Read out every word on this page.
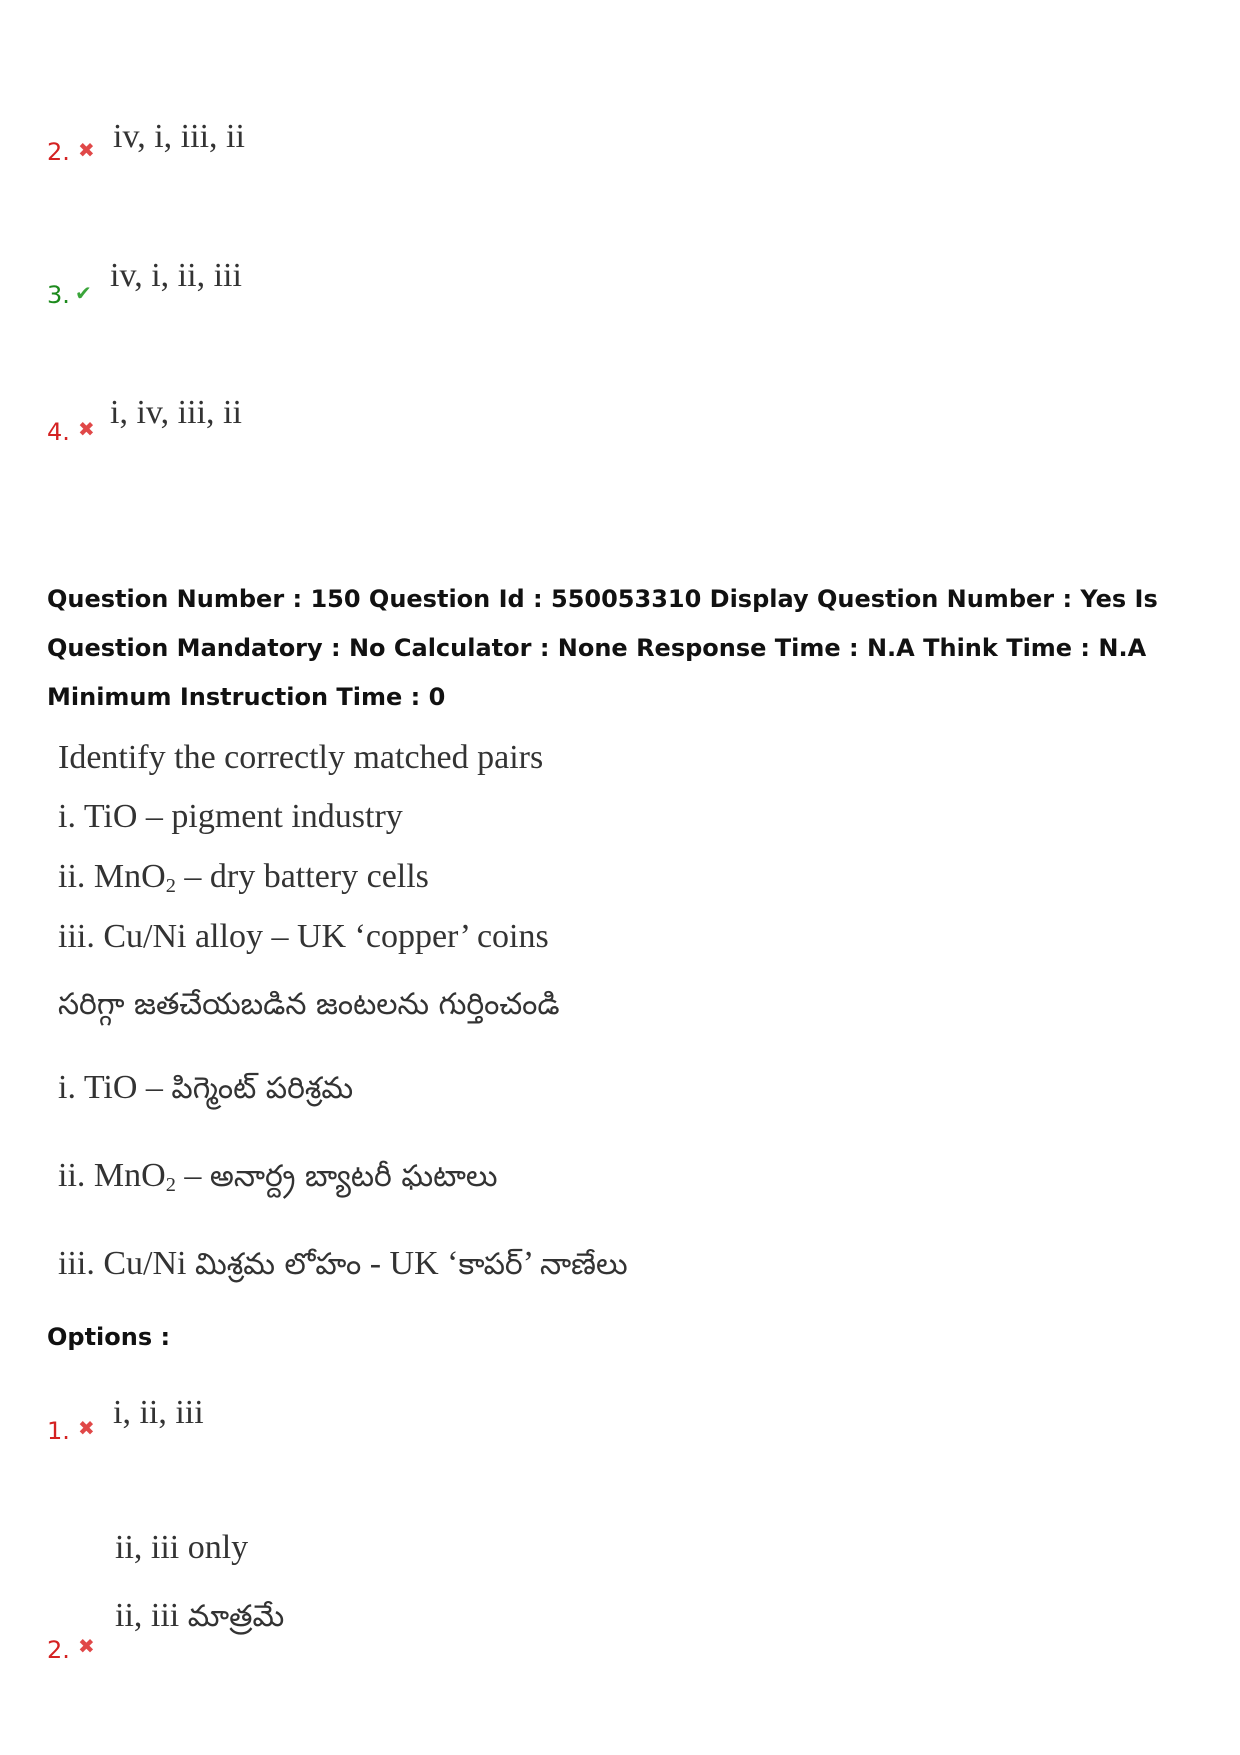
2. ✖ iv, i, iii, ii
3. ✔ iv, i, ii, iii
4. ✖ i, iv, iii, ii
Question Number : 150 Question Id : 550053310 Display Question Number : Yes Is Question Mandatory : No Calculator : None Response Time : N.A Think Time : N.A Minimum Instruction Time : 0
Identify the correctly matched pairs
i. TiO – pigment industry
ii. MnO$_2$ – dry battery cells
iii. Cu/Ni alloy – UK ‘copper’ coins
సరిగ్గా జతచేయబడిన జంటలను గుర్తించండి
i. TiO – పిగ్మెంట్ పరిశ్రమ
ii. MnO$_2$ – అనార్ద్ర బ్యాటరీ ఘటాలు
iii. Cu/Ni మిశ్రమ లోహం - UK ‘కాపర్’ నాణేలు
Options :
1. ✖ i, ii, iii
ii, iii only
ii, iii మాత్రమే
2. ✖
